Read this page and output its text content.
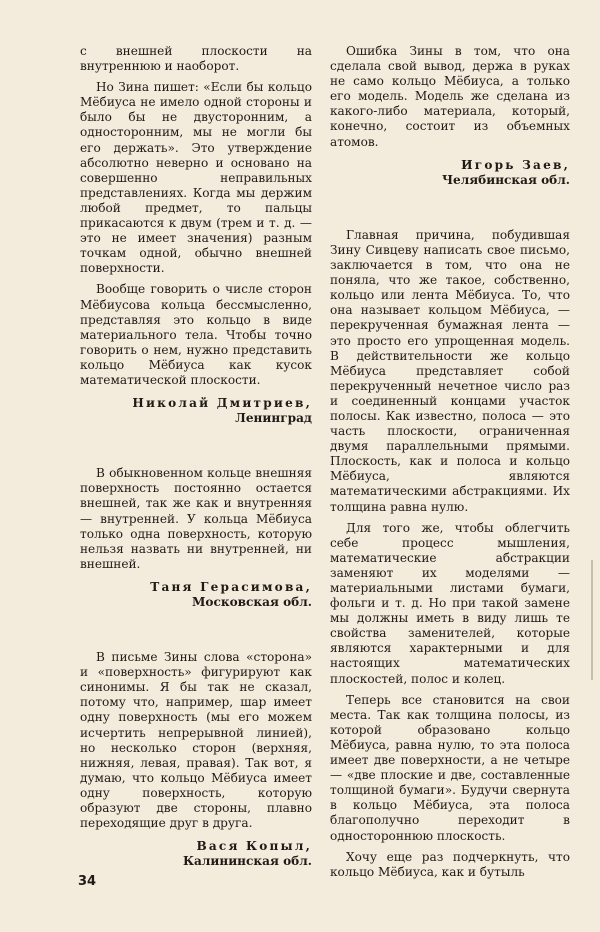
с внешней плоскости на внутреннюю и наоборот.

Но Зина пишет: «Если бы кольцо Мёбиуса не имело одной стороны и было бы не двусторонним, а односторонним, мы не могли бы его держать». Это утверждение абсолютно неверно и основано на совершенно неправильных представлениях. Когда мы держим любой предмет, то пальцы прикасаются к двум (трем и т. д. — это не имеет значения) разным точкам одной, обычно внешней поверхности.

Вообще говорить о числе сторон Мёбиусова кольца бессмысленно, представляя это кольцо в виде материального тела. Чтобы точно говорить о нем, нужно представить кольцо Мёбиуса как кусок математической плоскости.

Николай Дмитриев,
Ленинград

В обыкновенном кольце внешняя поверхность постоянно остается внешней, так же как и внутренняя — внутренней. У кольца Мёбиуса только одна поверхность, которую нельзя назвать ни внутренней, ни внешней.

Таня Герасимова,
Московская обл.

В письме Зины слова «сторона» и «поверхность» фигурируют как синонимы. Я бы так не сказал, потому что, например, шар имеет одну поверхность (мы его можем исчертить непрерывной линией), но несколько сторон (верхняя, нижняя, левая, правая). Так вот, я думаю, что кольцо Мёбиуса имеет одну поверхность, которую образуют две стороны, плавно переходящие друг в друга.

Вася Копыл,
Калининская обл.

Ошибка Зины в том, что она сделала свой вывод, держа в руках не само кольцо Мёбиуса, а только его модель. Модель же сделана из какого-либо материала, который, конечно, состоит из объемных атомов.

Игорь Заев,
Челябинская обл.

Главная причина, побудившая Зину Сивцеву написать свое письмо, заключается в том, что она не поняла, что же такое, собственно, кольцо или лента Мёбиуса. То, что она называет кольцом Мёбиуса, — перекрученная бумажная лента — это просто его упрощенная модель. В действительности же кольцо Мёбиуса представляет собой перекрученный нечетное число раз и соединенный концами участок полосы. Как известно, полоса — это часть плоскости, ограниченная двумя параллельными прямыми. Плоскость, как и полоса и кольцо Мёбиуса, являются математическими абстракциями. Их толщина равна нулю.

Для того же, чтобы облегчить себе процесс мышления, математические абстракции заменяют их моделями — материальными листами бумаги, фольги и т. д. Но при такой замене мы должны иметь в виду лишь те свойства заменителей, которые являются характерными и для настоящих математических плоскостей, полос и колец.

Теперь все становится на свои места. Так как толщина полосы, из которой образовано кольцо Мёбиуса, равна нулю, то эта полоса имеет две поверхности, а не четыре — «две плоские и две, составленные толщиной бумаги». Будучи свернута в кольцо Мёбиуса, эта полоса благополучно переходит в одностороннюю плоскость.

Хочу еще раз подчеркнуть, что кольцо Мёбиуса, как и бутыль

34
